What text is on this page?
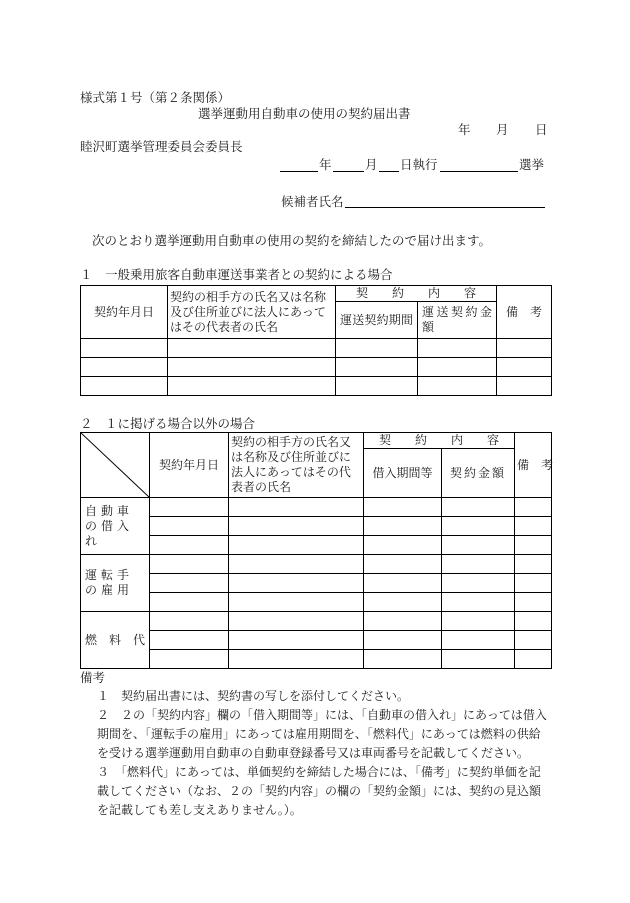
様式第１号（第２条関係）
選挙運動用自動車の使用の契約届出書
年 月 日
睦沢町選挙管理委員会委員長
年	月 日執行	選挙
候補者氏名
次のとおり選挙運動用自動車の使用の契約を締結したので届け出ます。
１　一般乗用旅客自動車運送事業者との契約による場合
契約年月日	契約の相手方の氏名又は名称及び住所並びに法人にあってはその代表者の氏名	契　　約　　内　　容		備　考
		運送契約期間	運送契約金額	

２　１に掲げる場合以外の場合
	契約年月日	契約の相手方の氏名又は名称及び住所並びに法人にあってはその代表者の氏名	契　　約　　内　　容		備　考
			借入期間等	契約金額	
自動車の借入れ					

運転手の雇用					

燃　料　代					

備考
１　契約届出書には、契約書の写しを添付してください。
２　２の「契約内容」欄の「借入期間等」には、「自動車の借入れ」にあっては借入期間を、「運転手の雇用」にあっては雇用期間を、「燃料代」にあっては燃料の供給を受ける選挙運動用自動車の自動車登録番号又は車両番号を記載してください。
３　「燃料代」にあっては、単価契約を締結した場合には、「備考」に契約単価を記載してください（なお、２の「契約内容」の欄の「契約金額」には、契約の見込額を記載しても差し支えありません。）。
